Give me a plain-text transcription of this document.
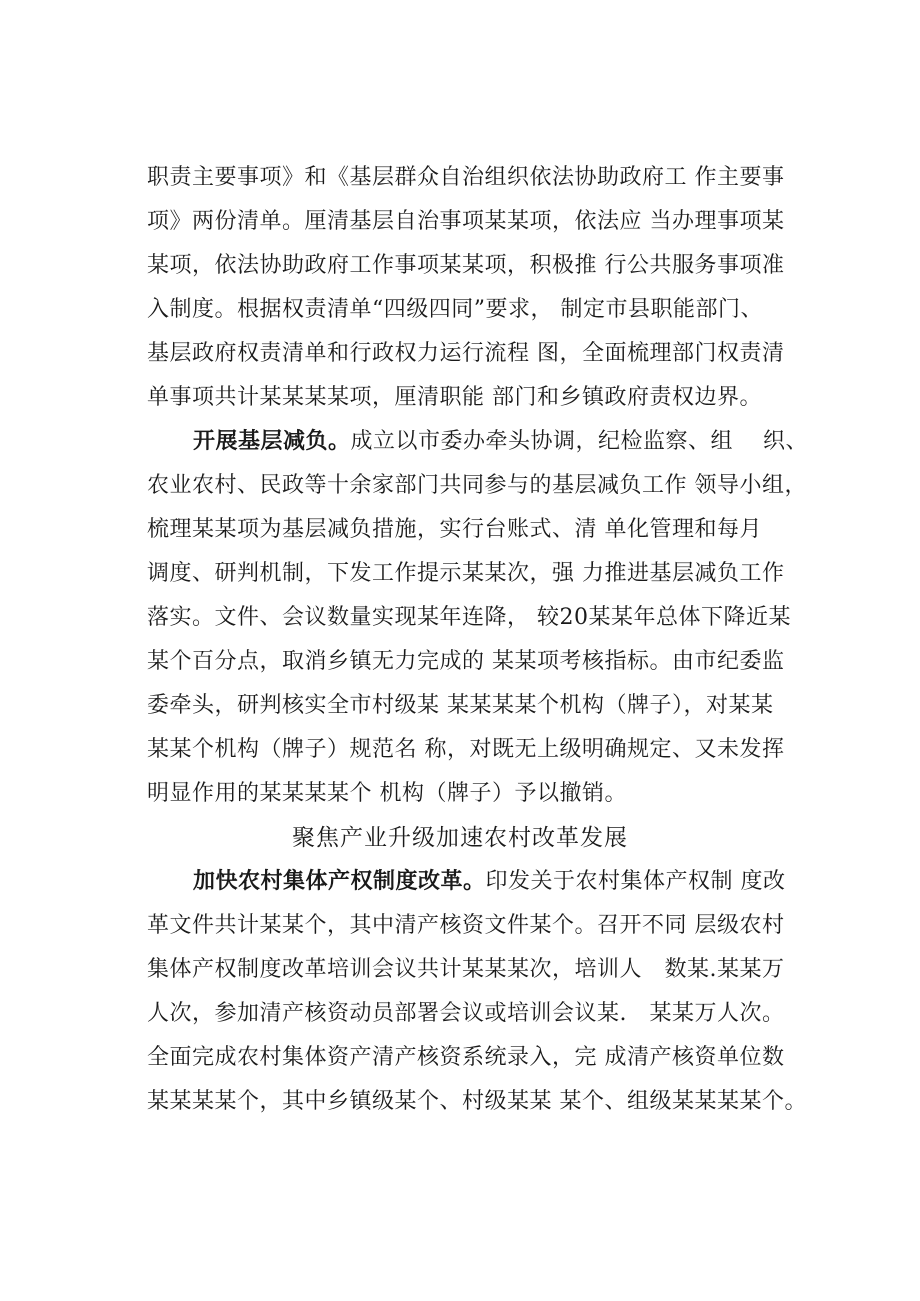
职责主要事项》和《基层群众自治组织依法协助政府工 作主要事
项》两份清单。厘清基层自治事项某某项，依法应 当办理事项某
某项，依法协助政府工作事项某某项，积极推 行公共服务事项准
入制度。根据权责清单“四级四同”要求， 制定市县职能部门、
基层政府权责清单和行政权力运行流程 图，全面梳理部门权责清
单事项共计某某某某项，厘清职能 部门和乡镇政府责权边界。
开展基层减负。成立以市委办牵头协调，纪检监察、组　 织、
农业农村、民政等十余家部门共同参与的基层减负工作 领导小组，
梳理某某项为基层减负措施，实行台账式、清 单化管理和每月
调度、研判机制，下发工作提示某某次，强 力推进基层减负工作
落实。文件、会议数量实现某年连降， 较20某某年总体下降近某
某个百分点，取消乡镇无力完成的 某某项考核指标。由市纪委监
委牵头，研判核实全市村级某 某某某某个机构（牌子），对某某
某某个机构（牌子）规范名 称，对既无上级明确规定、又未发挥
明显作用的某某某某个 机构（牌子）予以撤销。
聚焦产业升级加速农村改革发展
加快农村集体产权制度改革。印发关于农村集体产权制 度改
革文件共计某某个，其中清产核资文件某个。召开不同 层级农村
集体产权制度改革培训会议共计某某某次，培训人　数某.某某万
人次，参加清产核资动员部署会议或培训会议某.　某某万人次。
全面完成农村集体资产清产核资系统录入，完 成清产核资单位数
某某某某个，其中乡镇级某个、村级某某 某个、组级某某某某个。
